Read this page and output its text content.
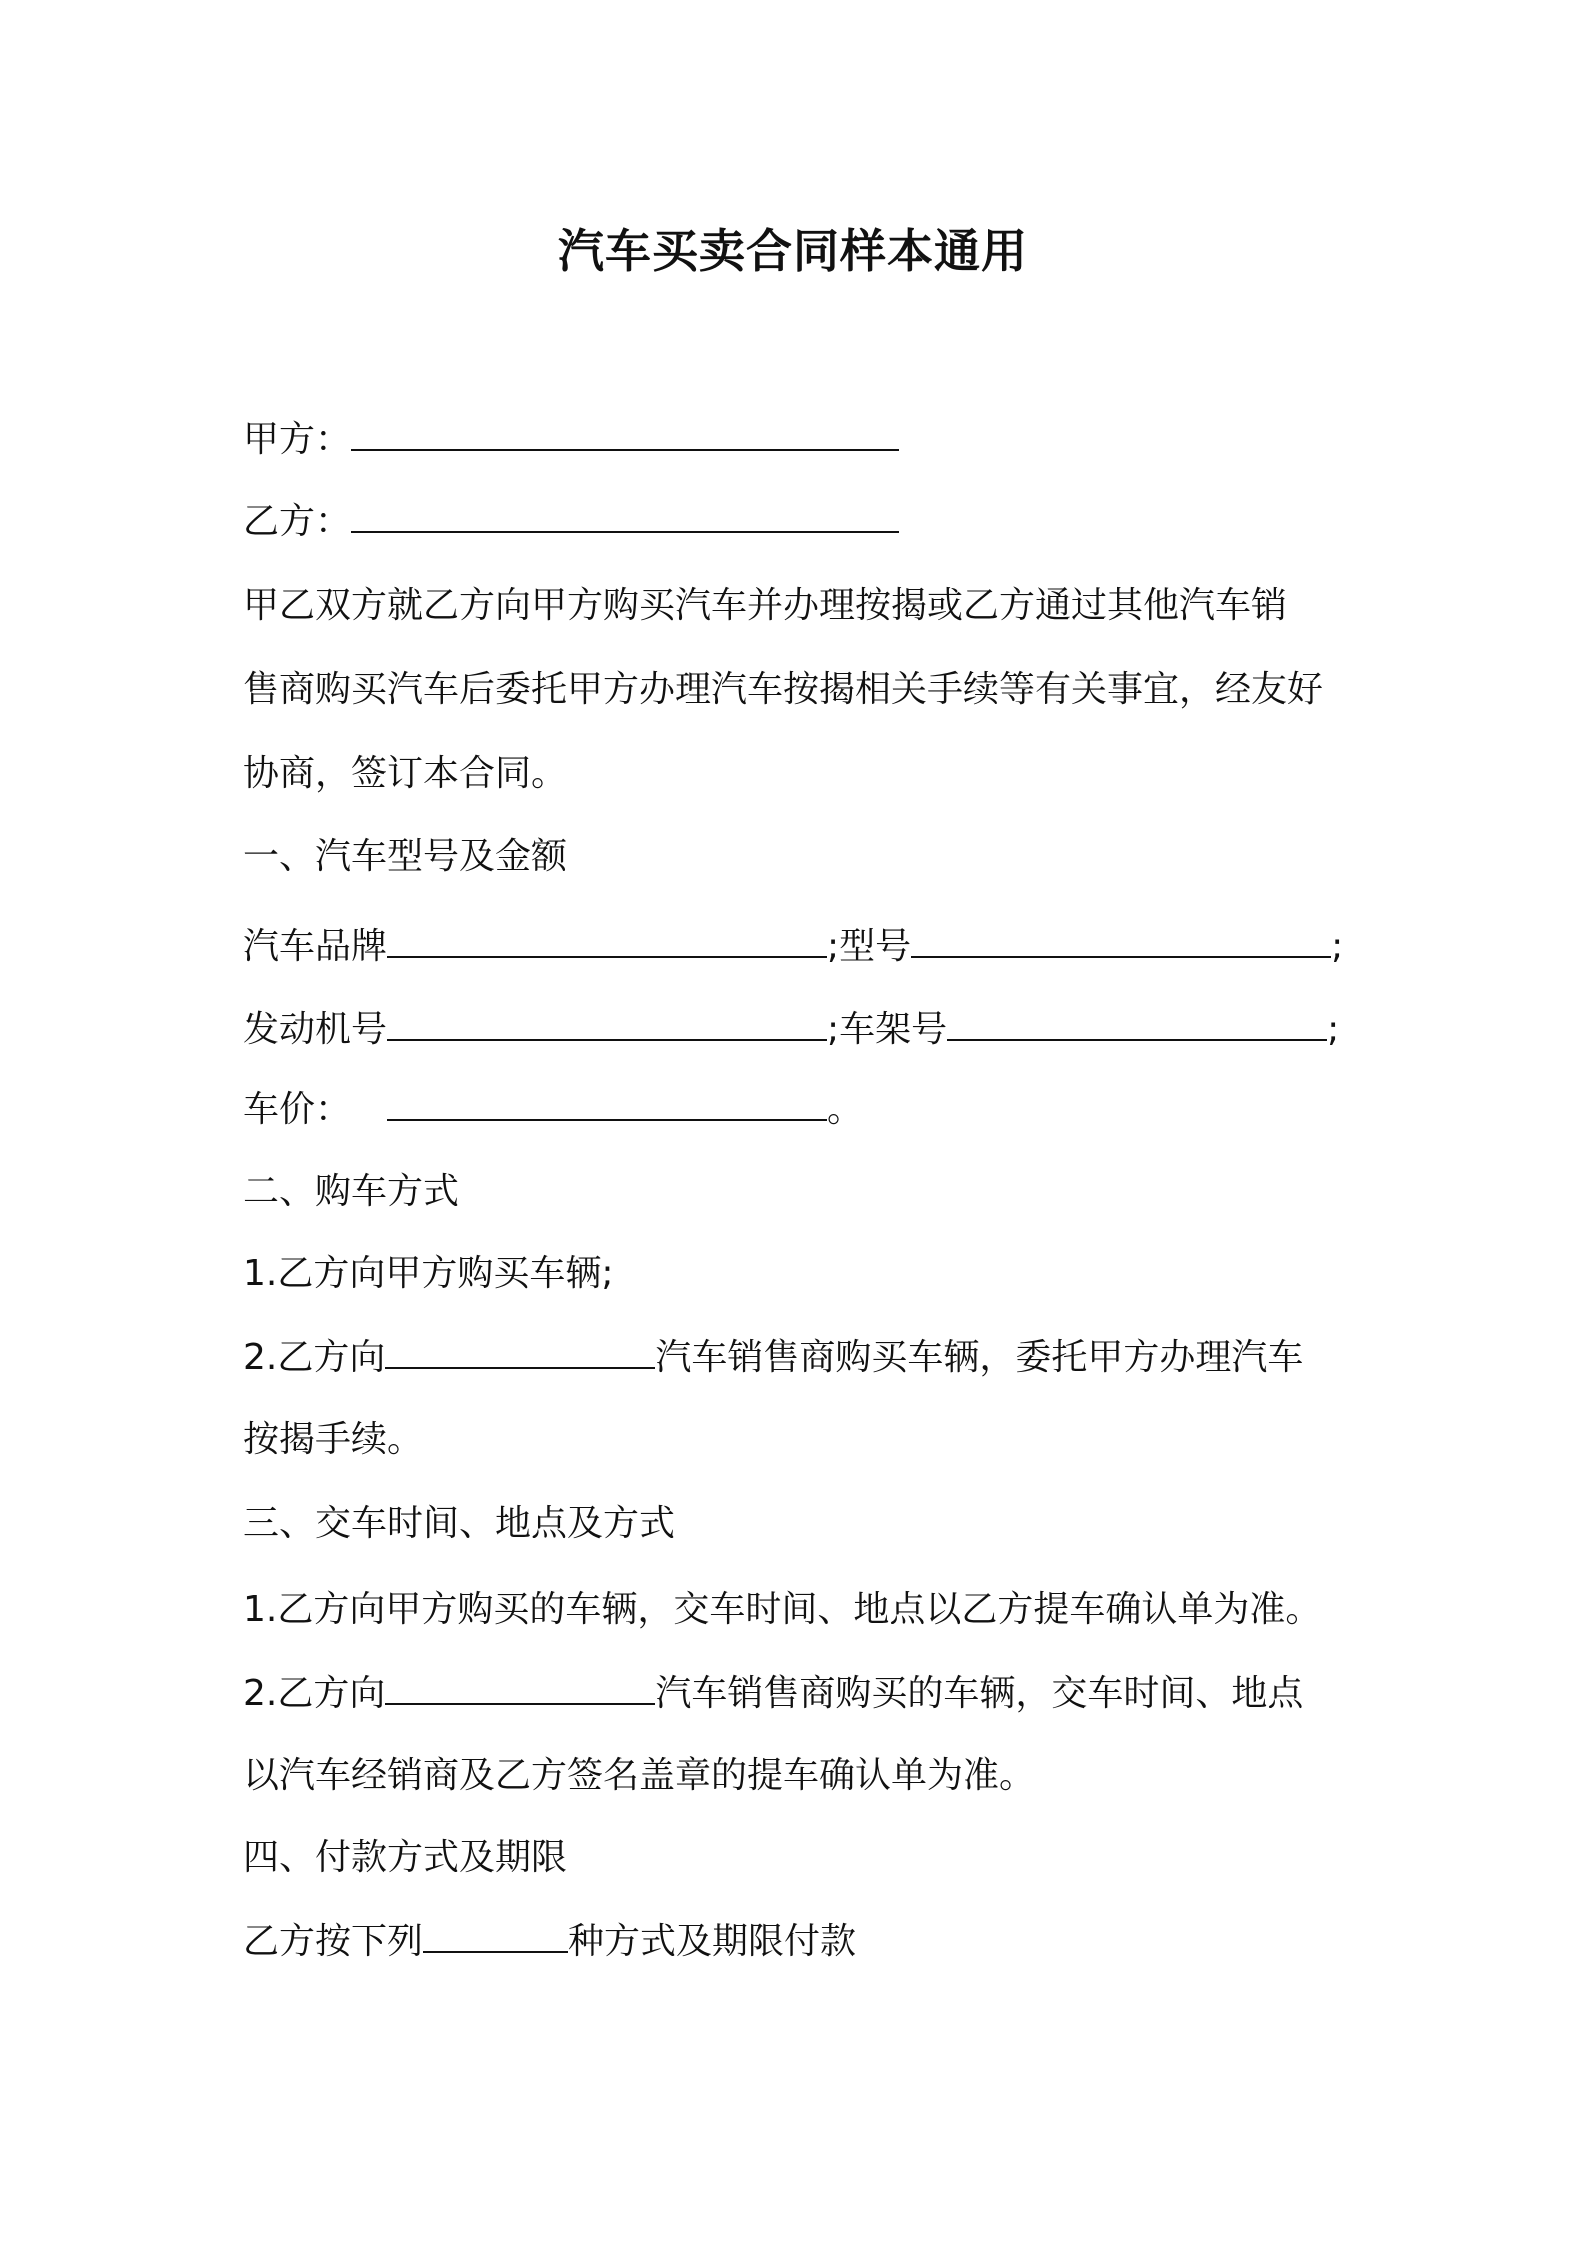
汽车买卖合同样本通用
甲方：
乙方：
甲乙双方就乙方向甲方购买汽车并办理按揭或乙方通过其他汽车销
售商购买汽车后委托甲方办理汽车按揭相关手续等有关事宜，经友好
协商，签订本合同。
一、汽车型号及金额
汽车品牌	;型号	;
发动机号	;车架号	;
车价：	。
二、购车方式
1.乙方向甲方购买车辆;
2.乙方向	汽车销售商购买车辆，委托甲方办理汽车
按揭手续。
三、交车时间、地点及方式
1.乙方向甲方购买的车辆，交车时间、地点以乙方提车确认单为准。
2.乙方向	汽车销售商购买的车辆，交车时间、地点
以汽车经销商及乙方签名盖章的提车确认单为准。
四、付款方式及期限
乙方按下列	种方式及期限付款
